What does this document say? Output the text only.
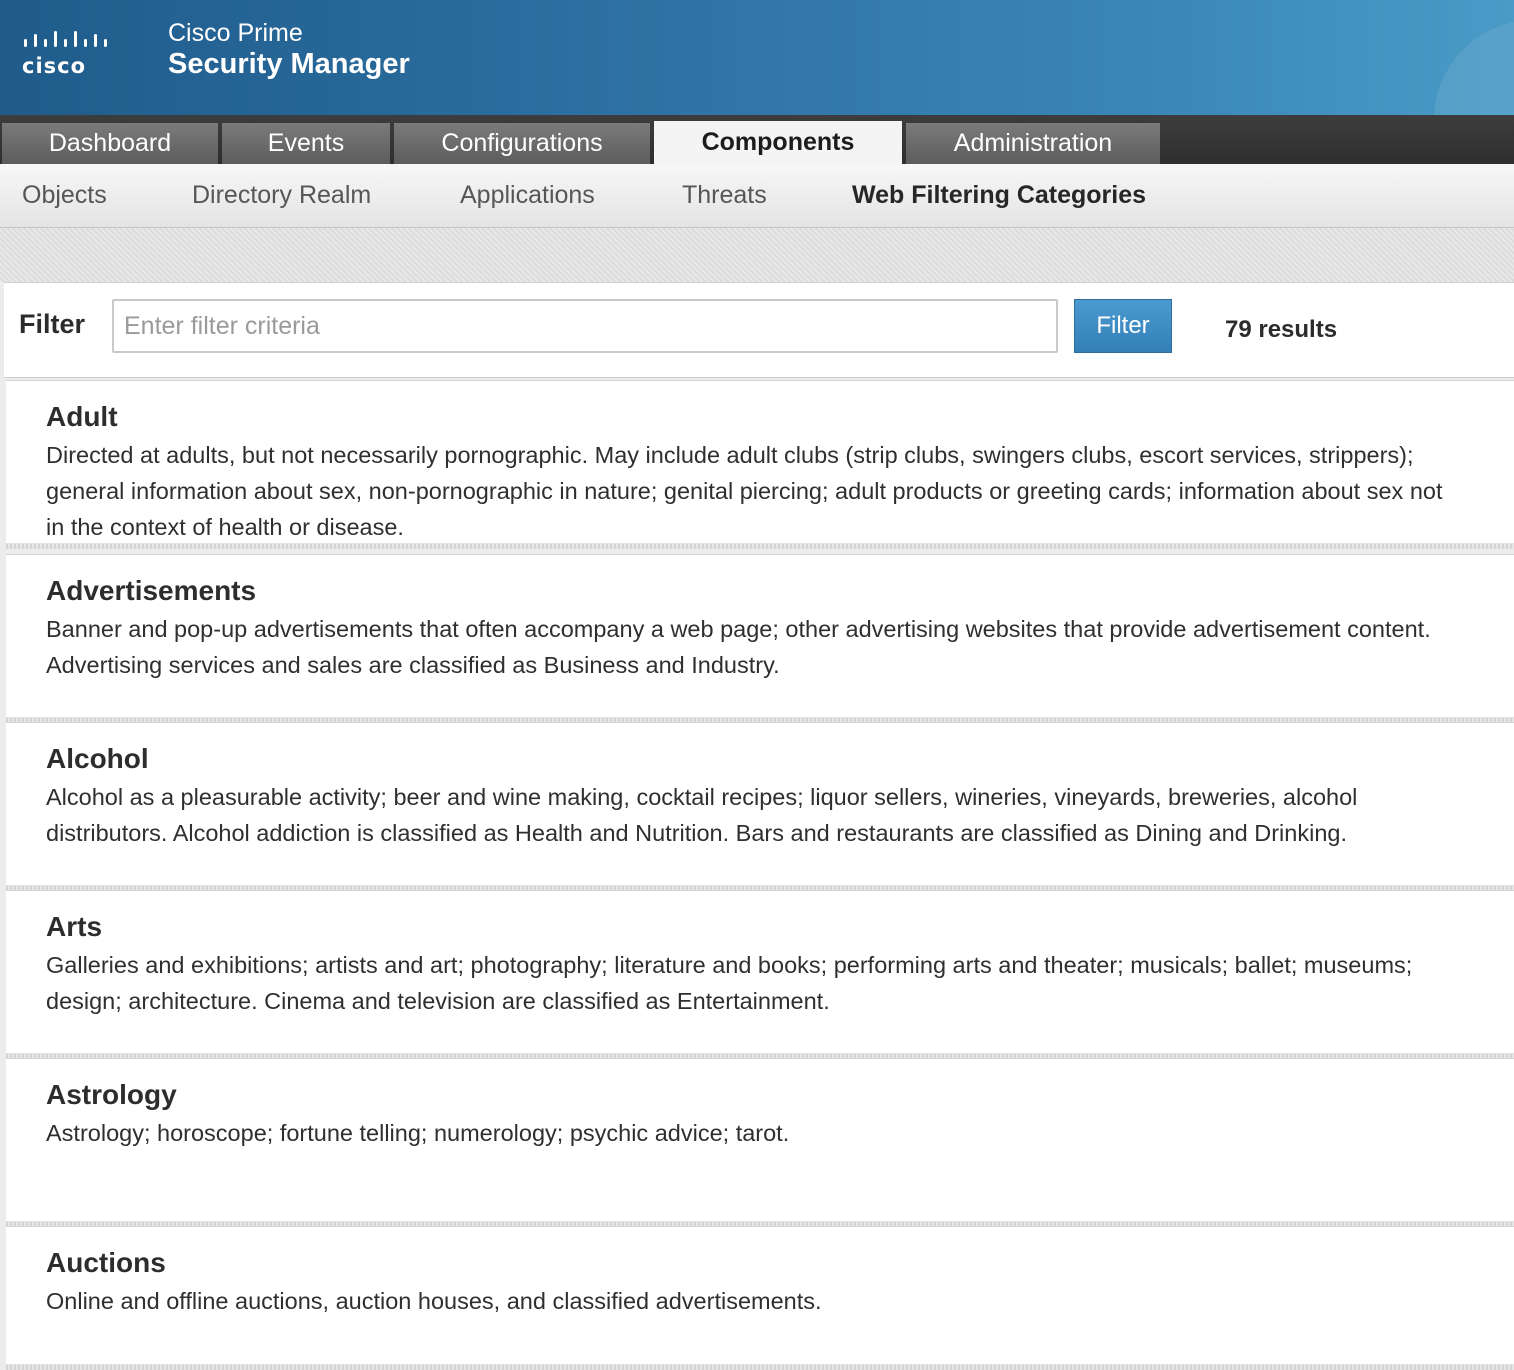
cisco
Cisco Prime
Security Manager
Dashboard	Events	Configurations	Components	Administration
Objects	Directory Realm	Applications	Threats	Web Filtering Categories
Filter
Enter filter criteria	Filter	79 results
Adult
Directed at adults, but not necessarily pornographic. May include adult clubs (strip clubs, swingers clubs, escort services, strippers); general information about sex, non-pornographic in nature; genital piercing; adult products or greeting cards; information about sex not in the context of health or disease.
Advertisements
Banner and pop-up advertisements that often accompany a web page; other advertising websites that provide advertisement content. Advertising services and sales are classified as Business and Industry.
Alcohol
Alcohol as a pleasurable activity; beer and wine making, cocktail recipes; liquor sellers, wineries, vineyards, breweries, alcohol distributors. Alcohol addiction is classified as Health and Nutrition. Bars and restaurants are classified as Dining and Drinking.
Arts
Galleries and exhibitions; artists and art; photography; literature and books; performing arts and theater; musicals; ballet; museums; design; architecture. Cinema and television are classified as Entertainment.
Astrology
Astrology; horoscope; fortune telling; numerology; psychic advice; tarot.
Auctions
Online and offline auctions, auction houses, and classified advertisements.
